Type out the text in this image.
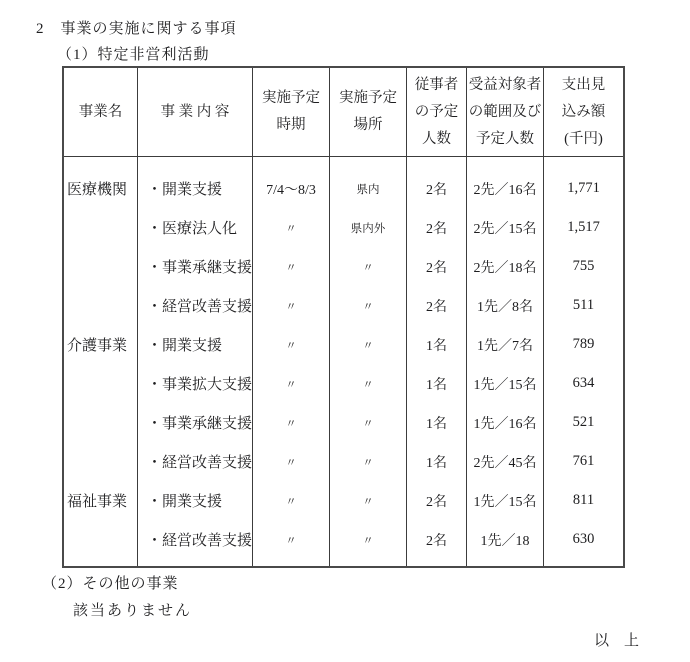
2　事業の実施に関する事項
（1）特定非営利活動
事業名	事 業 内 容
実施予定
時期
実施予定
場所
従事者
の予定
人数
受益対象者
の範囲及び
予定人数
支出見
込み額
(千円)
医療機関
介護事業
福祉事業
・開業支援
・医療法人化
・事業承継支援
・経営改善支援
・開業支援
・事業拡大支援
・事業承継支援
・経営改善支援
・開業支援
・経営改善支援
7/4～8/3
〃
〃
〃
〃
〃
〃
〃
〃
〃
県内
県内外
〃
〃
〃
〃
〃
〃
〃
〃
2名
2名
2名
2名
1名
1名
1名
1名
2名
2名
2先／16名
2先／15名
2先／18名
1先／8名
1先／7名
1先／15名
1先／16名
2先／45名
1先／15名
1先／18
1,771
1,517
755
511
789
634
521
761
811
630
（2）その他の事業
該当ありません
以　上
